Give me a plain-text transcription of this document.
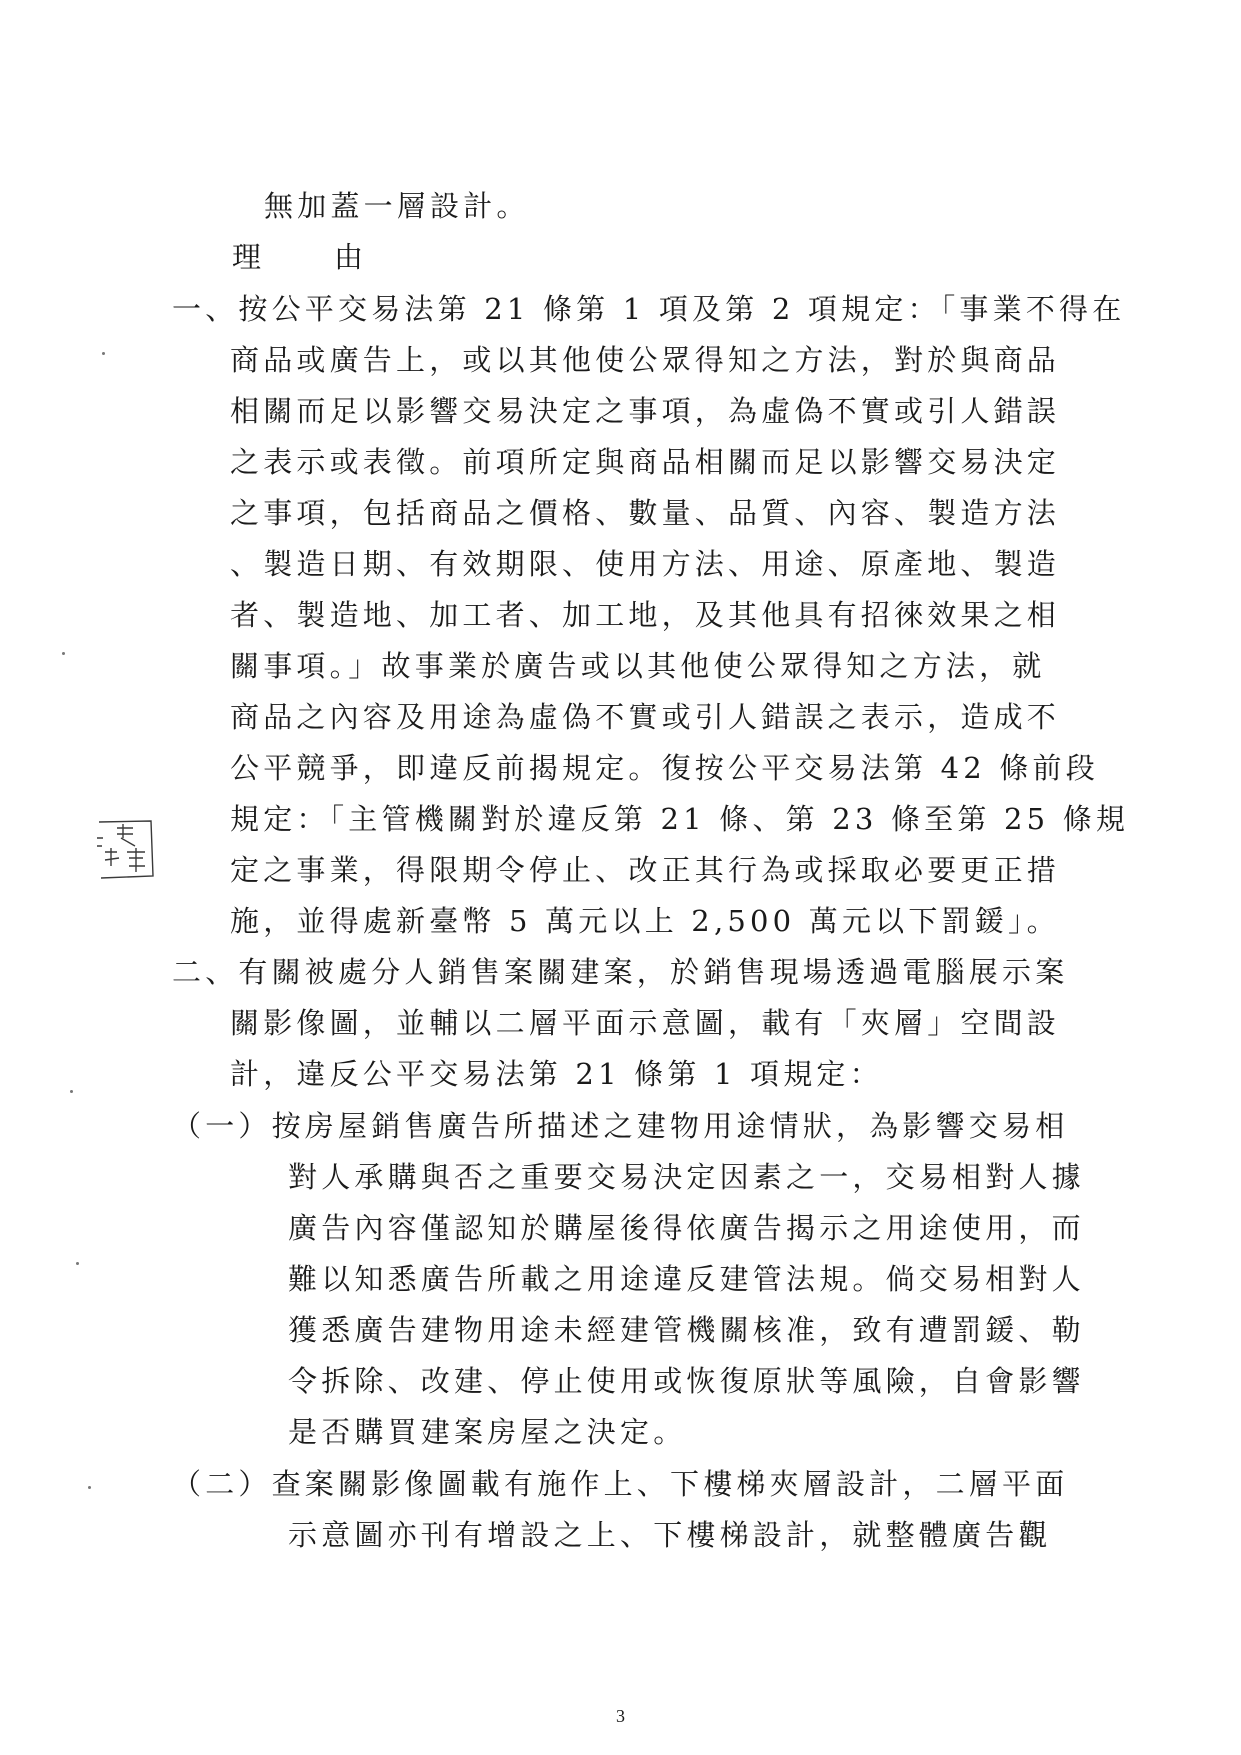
無加蓋一層設計。
理　由
一、按公平交易法第 21 條第 1 項及第 2 項規定：「事業不得在
商品或廣告上，或以其他使公眾得知之方法，對於與商品
相關而足以影響交易決定之事項，為虛偽不實或引人錯誤
之表示或表徵。前項所定與商品相關而足以影響交易決定
之事項，包括商品之價格、數量、品質、內容、製造方法
、製造日期、有效期限、使用方法、用途、原產地、製造
者、製造地、加工者、加工地，及其他具有招徠效果之相
關事項。」故事業於廣告或以其他使公眾得知之方法，就
商品之內容及用途為虛偽不實或引人錯誤之表示，造成不
公平競爭，即違反前揭規定。復按公平交易法第 42 條前段
規定：「主管機關對於違反第 21 條、第 23 條至第 25 條規
定之事業，得限期令停止、改正其行為或採取必要更正措
施，並得處新臺幣 5 萬元以上 2,500 萬元以下罰鍰」。
二、有關被處分人銷售案關建案，於銷售現場透過電腦展示案
關影像圖，並輔以二層平面示意圖，載有「夾層」空間設
計，違反公平交易法第 21 條第 1 項規定：
（一）按房屋銷售廣告所描述之建物用途情狀，為影響交易相
對人承購與否之重要交易決定因素之一，交易相對人據
廣告內容僅認知於購屋後得依廣告揭示之用途使用，而
難以知悉廣告所載之用途違反建管法規。倘交易相對人
獲悉廣告建物用途未經建管機關核准，致有遭罰鍰、勒
令拆除、改建、停止使用或恢復原狀等風險，自會影響
是否購買建案房屋之決定。
（二）查案關影像圖載有施作上、下樓梯夾層設計，二層平面
示意圖亦刊有增設之上、下樓梯設計，就整體廣告觀
3
